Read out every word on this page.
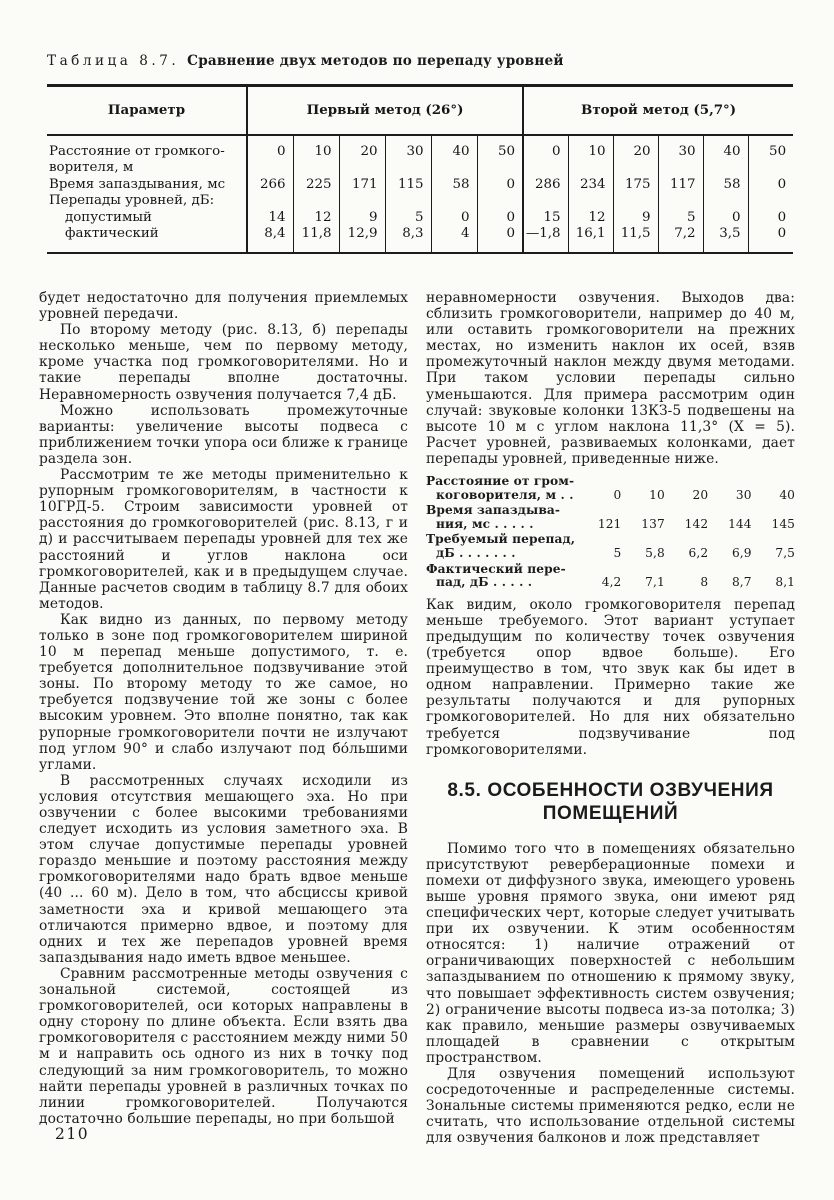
Таблица 8.7. Сравнение двух методов по перепаду уровней
Параметр	Первый метод (26°)						Второй метод (5,7°)					
Расстояние от громкого- ворителя, м	0	10	20	30	40	50	0	10	20	30	40	50
Время запаздывания, мс	266	225	171	115	58	0	286	234	175	117	58	0
Перепады уровней, дБ:												
допустимый	14	12	9	5	0	0	15	12	9	5	0	0
фактический	8,4	11,8	12,9	8,3	4	0	—1,8	16,1	11,5	7,2	3,5	0

будет недостаточно для получения приемлемых уровней передачи.

По второму методу (рис. 8.13, б) перепады несколько меньше, чем по первому методу, кроме участка под громкоговорителями. Но и такие перепады вполне достаточны. Неравномерность озвучения получается 7,4 дБ.

Можно использовать промежуточные варианты: увеличение высоты подвеса с приближением точки упора оси ближе к границе раздела зон.

Рассмотрим те же методы применительно к рупорным громкоговорителям, в частности к 10ГРД-5. Строим зависимости уровней от расстояния до громкоговорителей (рис. 8.13, г и д) и рассчитываем перепады уровней для тех же расстояний и углов наклона оси громкоговорителей, как и в предыдущем случае. Данные расчетов сводим в таблицу 8.7 для обоих методов.

Как видно из данных, по первому методу только в зоне под громкоговорителем шириной 10 м перепад меньше допустимого, т. е. требуется дополнительное подзвучивание этой зоны. По второму методу то же самое, но требуется подзвучение той же зоны с более высоким уровнем. Это вполне понятно, так как рупорные громкоговорители почти не излучают под углом 90° и слабо излучают под бо́льшими углами.

В рассмотренных случаях исходили из условия отсутствия мешающего эха. Но при озвучении с более высокими требованиями следует исходить из условия заметного эха. В этом случае допустимые перепады уровней гораздо меньшие и поэтому расстояния между громкоговорителями надо брать вдвое меньше (40 ... 60 м). Дело в том, что абсциссы кривой заметности эха и кривой мешающего эта отличаются примерно вдвое, и поэтому для одних и тех же перепадов уровней время запаздывания надо иметь вдвое меньшее.

Сравним рассмотренные методы озвучения с зональной системой, состоящей из громкоговорителей, оси которых направлены в одну сторону по длине объекта. Если взять два громкоговорителя с расстоянием между ними 50 м и направить ось одного из них в точку под следующий за ним громкоговоритель, то можно найти перепады уровней в различных точках по линии громкоговорителей. Получаются достаточно большие перепады, но при большой

неравномерности озвучения. Выходов два: сблизить громкоговорители, например до 40 м, или оставить громкоговорители на прежних местах, но изменить наклон их осей, взяв промежуточный наклон между двумя методами. При таком условии перепады сильно уменьшаются. Для примера рассмотрим один случай: звуковые колонки 13КЗ-5 подвешены на высоте 10 м с углом наклона 11,3° (X = 5). Расчет уровней, развиваемых колонками, дает перепады уровней, приведенные ниже.

Расстояние от гром-
коговорителя, м . .	0	10	20	30	40
Время запаздыва-
ния, мс . . . . .	121	137	142	144	145
Требуемый перепад,
дБ . . . . . . .	5	5,8	6,2	6,9	7,5
Фактический пере-
пад, дБ . . . . .	4,2	7,1	8	8,7	8,1

Как видим, около громкоговорителя перепад меньше требуемого. Этот вариант уступает предыдущим по количеству точек озвучения (требуется опор вдвое больше). Его преимущество в том, что звук как бы идет в одном направлении. Примерно такие же результаты получаются и для рупорных громкоговорителей. Но для них обязательно требуется подзвучивание под громкоговорителями.

8.5. ОСОБЕННОСТИ ОЗВУЧЕНИЯ ПОМЕЩЕНИЙ

Помимо того что в помещениях обязательно присутствуют реверберационные помехи и помехи от диффузного звука, имеющего уровень выше уровня прямого звука, они имеют ряд специфических черт, которые следует учитывать при их озвучении. К этим особенностям относятся: 1) наличие отражений от ограничивающих поверхностей с небольшим запаздыванием по отношению к прямому звуку, что повышает эффективность систем озвучения; 2) ограничение высоты подвеса из-за потолка; 3) как правило, меньшие размеры озвучиваемых площадей в сравнении с открытым пространством.

Для озвучения помещений используют сосредоточенные и распределенные системы. Зональные системы применяются редко, если не считать, что использование отдельной системы для озвучения балконов и лож представляет

210
